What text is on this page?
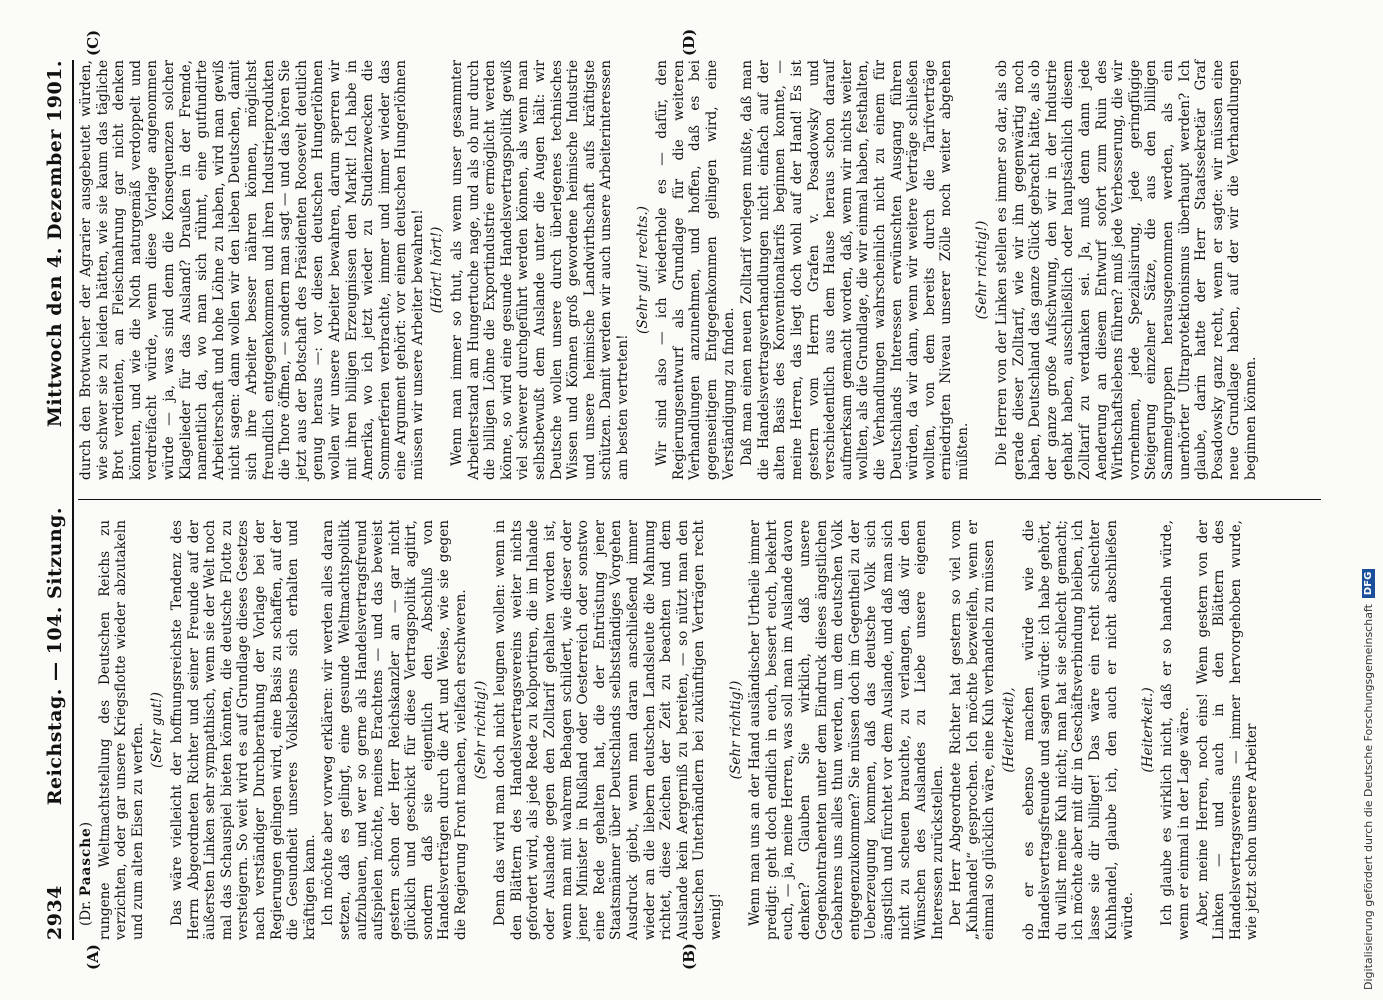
2934
Reichstag. — 104. Sitzung.
Mittwoch den 4. Dezember 1901.
(A)	(B)
(C)	(D)

(Dr. Paasche) rungene Weltmachtstellung des Deutschen Reichs zu verzichten, oder gar unsere Kriegsflotte wieder abzutakeln und zum alten Eisen zu werfen. (Sehr gut!) Das wäre vielleicht der hoffnungsreichste Tendenz des Herrn Abgeordneten Richter und seiner Freunde auf der äußersten Linken sehr sympathisch, wenn sie der Welt noch mal das Schauspiel bieten könnten, die deutsche Flotte zu versteigern. So weit wird es auf Grundlage dieses Gesetzes nach verständiger Durchberathung der Vorlage bei der Regierungen gelingen wird, eine Basis zu schaffen, auf der die Gesundheit unseres Volkslebens sich erhalten und kräftigen kann. Ich möchte aber vorweg erklären: wir werden alles daran setzen, daß es gelingt, eine gesunde Weltmachtspolitik aufzubauen, und wer so gerne als Handelsvertragsfreund aufspielen möchte, meines Erachtens — und das beweist gestern schon der Herr Reichskanzler an — gar nicht glücklich und geschickt für diese Vertragspolitik agitirt, sondern daß sie eigentlich den Abschluß von Handelsverträgen durch die Art und Weise, wie sie gegen die Regierung Front machen, vielfach erschweren. (Sehr richtig!) Denn das wird man doch nicht leugnen wollen: wenn in den Blättern des Handelsvertragsvereins weiter nichts gefordert wird, als jede Rede zu kolportiren, die im Inlande oder Auslande gegen den Zolltarif gehalten worden ist, wenn man mit wahrem Behagen schildert, wie dieser oder jener Minister in Rußland oder Oesterreich oder sonstwo eine Rede gehalten hat, die der Entrüstung jener Staatsmänner über Deutschlands selbstständiges Vorgehen Ausdruck giebt, wenn man daran anschließend immer wieder an die liebern deutschen Landsleute die Mahnung richtet, diese Zeichen der Zeit zu beachten und dem Auslande kein Aergerniß zu bereiten, — so nützt man den deutschen Unterhändlern bei zukünftigen Verträgen recht wenig!

(Sehr richtig!) Wenn man uns an der Hand ausländischer Urtheile immer predigt: geht doch endlich in euch, bessert euch, bekehrt euch, — ja, meine Herren, was soll man im Auslande davon denken? Glauben Sie wirklich, daß unsere Gegenkontrahenten unter dem Eindruck dieses ängstlichen Gebahrens uns alles thun werden, um dem deutschen Volk entgegenzukommen? Sie müssen doch im Gegentheil zu der Ueberzeugung kommen, daß das deutsche Volk sich ängstlich und fürchtet vor dem Auslande, und daß man sich nicht zu scheuen brauchte, zu verlangen, daß wir den Wünschen des Auslandes zu Liebe unsere eigenen Interessen zurückstellen. Der Herr Abgeordnete Richter hat gestern so viel vom „Kuhhandel“ gesprochen. Ich möchte bezweifeln, wenn er einmal so glücklich wäre, eine Kuh verhandeln zu müssen (Heiterkeit), ob er es ebenso machen würde wie die Handelsvertragsfreunde und sagen würde: ich habe gehört, du willst meine Kuh nicht; man hat sie schlecht gemacht; ich möchte aber mit dir in Geschäftsverbindung bleiben, ich lasse sie dir billiger! Das wäre ein recht schlechter Kuhhandel, glaube ich, den auch er nicht abschließen würde.

(Heiterkeit.) Ich glaube es wirklich nicht, daß er so handeln würde, wenn er einmal in der Lage wäre. Aber, meine Herren, noch eins! Wenn gestern von der Linken — und auch in den Blättern des Handelsvertragsvereins — immer hervorgehoben wurde, wie jetzt schon unsere Arbeiter

durch den Brotwucher der Agrarier ausgebeutet würden, wie schwer sie zu leiden hätten, wie sie kaum das tägliche Brot verdienten, an Fleischnahrung gar nicht denken könnten, und wie die Noth naturgemäß verdoppelt und verdreifacht würde, wenn diese Vorlage angenommen würde — ja, was sind denn die Konsequenzen solcher Klagelieder für das Ausland? Draußen in der Fremde, namentlich da, wo man sich rühmt, eine gutfundirte Arbeiterschaft und hohe Löhne zu haben, wird man gewiß nicht sagen: dann wollen wir den lieben Deutschen, damit sich ihre Arbeiter besser nähren können, möglichst freundlich entgegenkommen und ihren Industrieprodukten die Thore öffnen, — sondern man sagt — und das hören Sie jetzt aus der Botschaft des Präsidenten Roosevelt deutlich genug heraus —: vor diesen deutschen Hungerlöhnen wollen wir unsere Arbeiter bewahren, darum sperren wir mit ihren billigen Erzeugnissen den Markt! Ich habe in Amerika, wo ich jetzt wieder zu Studienzwecken die Sommerferien verbrachte, immer und immer wieder das eine Argument gehört: vor einem deutschen Hungerlöhnen müssen wir unsere Arbeiter bewahren! (Hört! hört!) Wenn man immer so thut, als wenn unser gesammter Arbeiterstand am Hungertuche nage, und als ob nur durch die billigen Löhne die Exportindustrie ermöglicht werden könne, so wird eine gesunde Handelsvertragspolitik gewiß viel schwerer durchgeführt werden können, als wenn man selbstbewußt dem Auslande unter die Augen hält: wir Deutsche wollen unsere durch überlegenes technisches Wissen und Können groß gewordene heimische Industrie und unsere heimische Landwirthschaft aufs kräftigste schützen. Damit werden wir auch unsere Arbeiterinteressen am besten vertreten!

(Sehr gut! rechts.) Wir sind also — ich wiederhole es — dafür, den Regierungsentwurf als Grundlage für die weiteren Verhandlungen anzunehmen, und hoffen, daß es bei gegenseitigem Entgegenkommen gelingen wird, eine Verständigung zu finden. Daß man einen neuen Zolltarif vorlegen mußte, daß man die Handelsvertragsverhandlungen nicht einfach auf der alten Basis des Konventionaltarifs beginnen konnte, — meine Herren, das liegt doch wohl auf der Hand! Es ist gestern vom Herrn Grafen v. Posadowsky und verschiedentlich aus dem Hause heraus schon darauf aufmerksam gemacht worden, daß, wenn wir nichts weiter wollten, als die Grundlage, die wir einmal haben, festhalten, die Verhandlungen wahrscheinlich nicht zu einem für Deutschlands Interessen erwünschten Ausgang führen würden, da wir dann, wenn wir weitere Verträge schließen wollten, von dem bereits durch die Tarifverträge erniedrigten Niveau unserer Zölle noch weiter abgehen müßten.

(Sehr richtig!) Die Herren von der Linken stellen es immer so dar, als ob gerade dieser Zolltarif, wie wir ihn gegenwärtig noch haben, Deutschland das ganze Glück gebracht hätte, als ob der ganze große Aufschwung, den wir in der Industrie gehabt haben, ausschließlich oder hauptsächlich diesem Zolltarif zu verdanken sei. Ja, muß denn dann jede Aenderung an diesem Entwurf sofort zum Ruin des Wirthschaftslebens führen? muß jede Verbesserung, die wir vornehmen, jede Spezialisirung, jede geringfügige Steigerung einzelner Sätze, die aus den billigen Sammelgruppen herausgenommen werden, als ein unerhörter Ultraprotektionismus überhaupt werden? Ich glaube, darin hatte der Herr Staatssekretär Graf Posadowsky ganz recht, wenn er sagte: wir müssen eine neue Grundlage haben, auf der wir die Verhandlungen beginnen können.

Digitalisierung gefördert durch die Deutsche Forschungsgemeinschaft
DFG
